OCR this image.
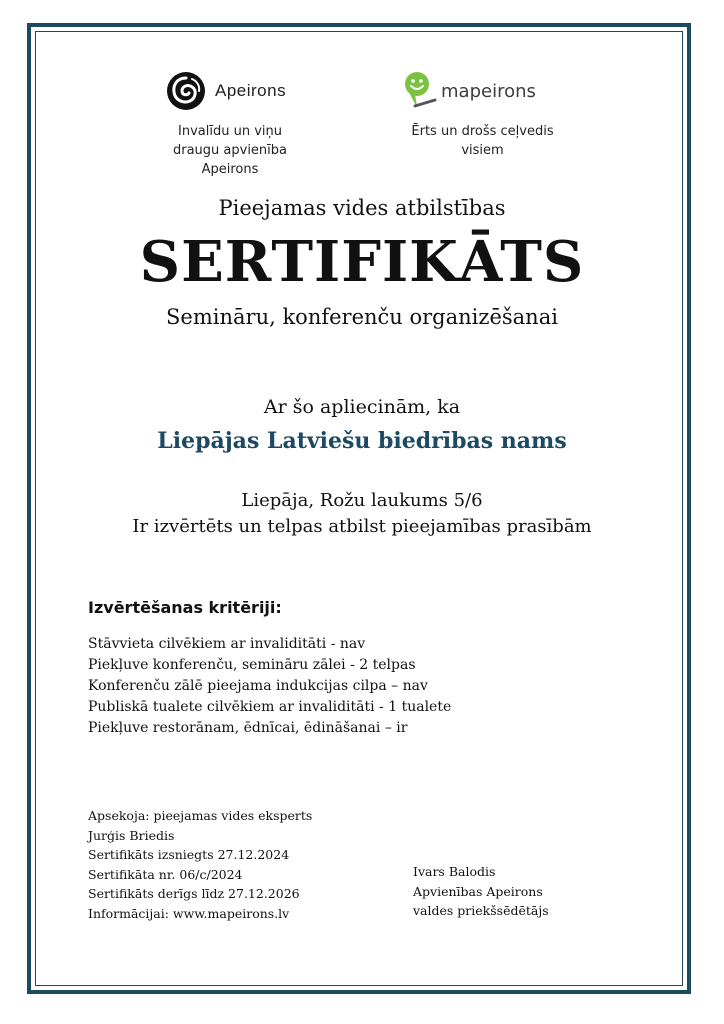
Apeirons	mapeirons
Invalīdu un viņu
draugu apvienība
Apeirons
Ērts un drošs ceļvedis
visiem
Pieejamas vides atbilstības
SERTIFIKĀTS
Semināru, konferenču organizēšanai
Ar šo apliecinām, ka
Liepājas Latviešu biedrības nams
Liepāja, Rožu laukums 5/6
Ir izvērtēts un telpas atbilst pieejamības prasībām
Izvērtēšanas kritēriji:
Stāvvieta cilvēkiem ar invaliditāti - nav
Piekļuve konferenču, semināru zālei - 2 telpas
Konferenču zālē pieejama indukcijas cilpa – nav
Publiskā tualete cilvēkiem ar invaliditāti - 1 tualete
Piekļuve restorānam, ēdnīcai, ēdināšanai – ir
Apsekoja: pieejamas vides eksperts
Jurģis Briedis
Sertifikāts izsniegts 27.12.2024
Sertifikāta nr. 06/c/2024
Sertifikāts derīgs līdz 27.12.2026
Informācijai: www.mapeirons.lv
Ivars Balodis
Apvienības Apeirons
valdes priekšsēdētājs
